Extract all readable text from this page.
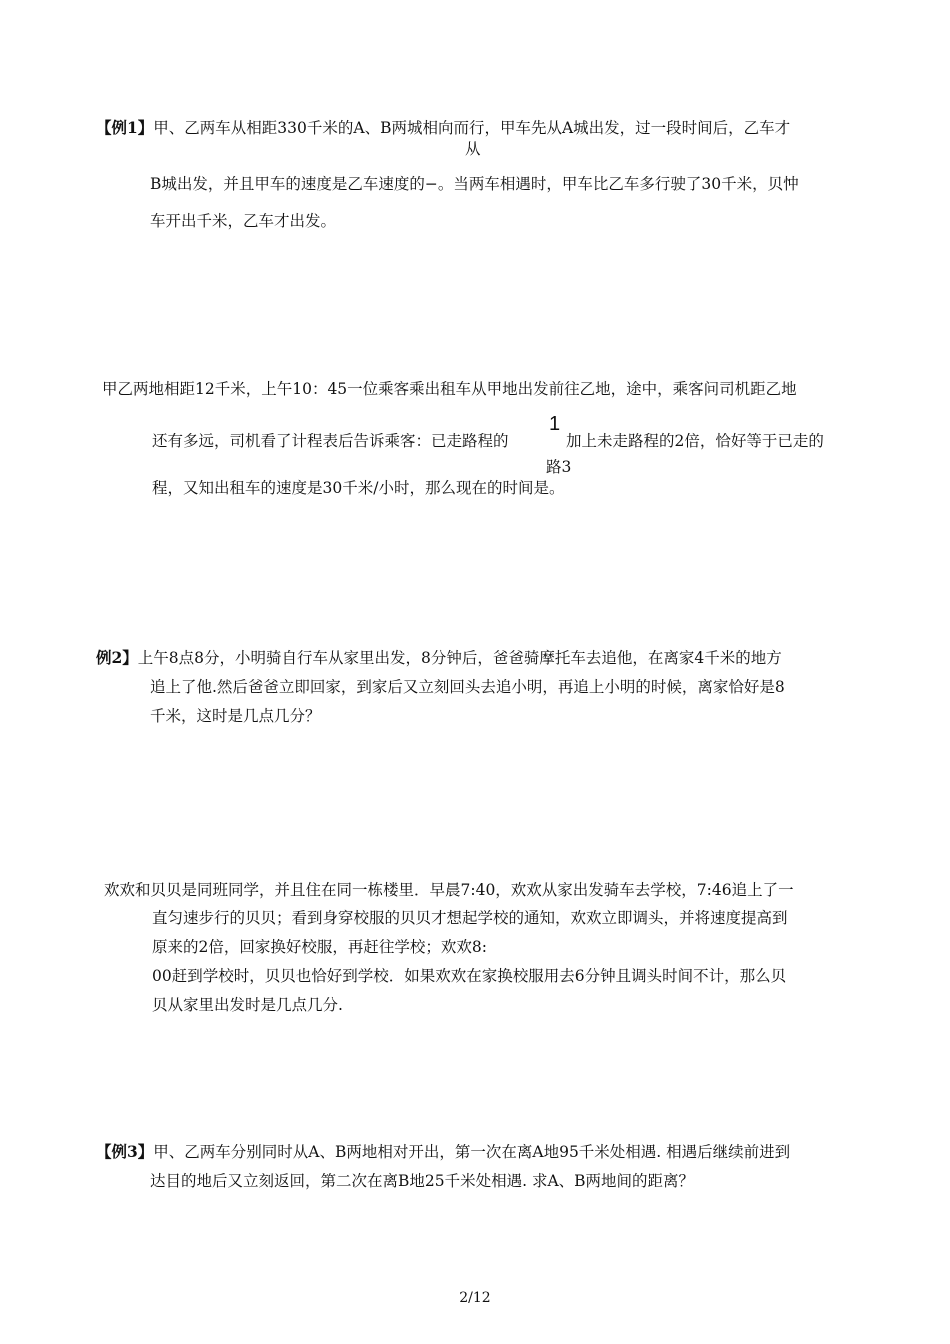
【例1】甲、乙两车从相距330千米的A、B两城相向而行，甲车先从A城出发，过一段时间后，乙车才
从
B城出发，并且甲车的速度是乙车速度的−。当两车相遇时，甲车比乙车多行驶了30千米，贝忡
车开出千米，乙车才出发。
甲乙两地相距12千米，上午10：45一位乘客乘出租车从甲地出发前往乙地，途中，乘客问司机距乙地
还有多远，司机看了计程表后告诉乘客：已走路程的
1
加上未走路程的2倍，恰好等于已走的
路3
程，又知出租车的速度是30千米/小时，那么现在的时间是。
例2】上午8点8分，小明骑自行车从家里出发，8分钟后，爸爸骑摩托车去追他，在离家4千米的地方
追上了他.然后爸爸立即回家，到家后又立刻回头去追小明，再追上小明的时候，离家恰好是8
千米，这时是几点几分？
欢欢和贝贝是同班同学，并且住在同一栋楼里．早晨7:40，欢欢从家出发骑车去学校，7:46追上了一
直匀速步行的贝贝；看到身穿校服的贝贝才想起学校的通知，欢欢立即调头，并将速度提高到
原来的2倍，回家换好校服，再赶往学校；欢欢8:
00赶到学校时，贝贝也恰好到学校．如果欢欢在家换校服用去6分钟且调头时间不计，那么贝
贝从家里出发时是几点几分.
【例3】甲、乙两车分别同时从A、B两地相对开出，第一次在离A地95千米处相遇. 相遇后继续前进到
达目的地后又立刻返回，第二次在离B地25千米处相遇. 求A、B两地间的距离？
2/12
